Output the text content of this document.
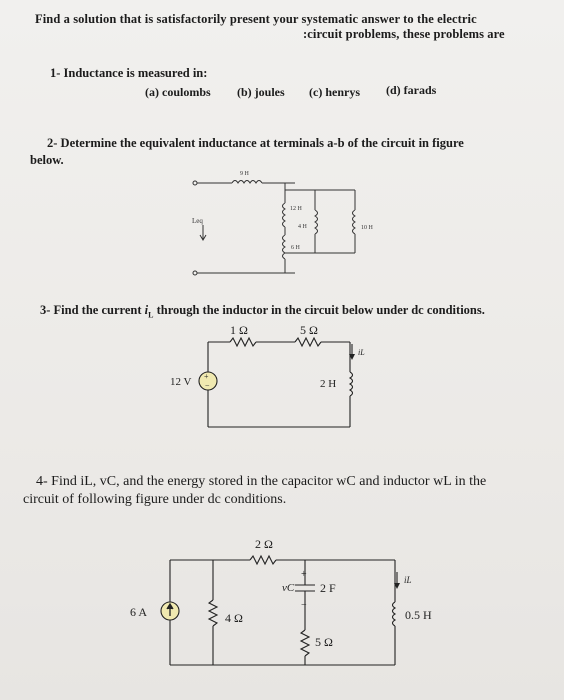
Find a solution that is satisfactorily present your systematic answer to the electric
:circuit problems, these problems are
1- Inductance is measured in:
(a) coulombs (b) joules (c) henrys (d) farads
2- Determine the equivalent inductance at terminals a-b of the circuit in figure
below.
Leq
9 H
12 H
4 H
6 H
10 H
3- Find the current $i_L$ through the inductor in the circuit below under dc conditions.
+
−
1 Ω	5 Ω
12 V	2 H
iL
4- Find iL, vC, and the energy stored in the capacitor wC and inductor wL in the
circuit of following figure under dc conditions.
2 Ω
6 A	4 Ω
+
−
vC 2 F
5 Ω
0.5 H
iL
